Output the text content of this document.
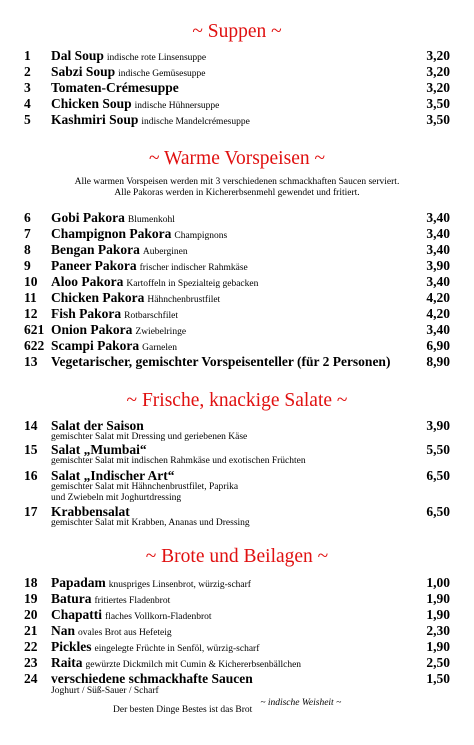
~ Suppen ~
1 Dal Soup indische rote Linsensuppe	3,20
2 Sabzi Soup indische Gemüsesuppe	3,20
3 Tomaten-Crémesuppe	3,20
4 Chicken Soup indische Hühnersuppe	3,50
5 Kashmiri Soup indische Mandelcrémesuppe	3,50
~ Warme Vorspeisen ~
Alle warmen Vorspeisen werden mit 3 verschiedenen schmackhaften Saucen serviert.
Alle Pakoras werden in Kichererbsenmehl gewendet und fritiert.
6 Gobi Pakora Blumenkohl	3,40
7 Champignon Pakora Champignons	3,40
8 Bengan Pakora Auberginen	3,40
9 Paneer Pakora frischer indischer Rahmkäse	3,90
10 Aloo Pakora Kartoffeln in Spezialteig gebacken	3,40
11 Chicken Pakora Hähnchenbrustfilet	4,20
12 Fish Pakora Rotbarschfilet	4,20
621 Onion Pakora Zwiebelringe	3,40
622 Scampi Pakora Garnelen	6,90
13 Vegetarischer, gemischter Vorspeisenteller (für 2 Personen)	8,90
~ Frische, knackige Salate ~
14 Salat der Saison	3,90
gemischter Salat mit Dressing und geriebenen Käse
15 Salat „Mumbai“	5,50
gemischter Salat mit indischen Rahmkäse und exotischen Früchten
16 Salat „Indischer Art“	6,50
gemischter Salat mit Hähnchenbrustfilet, Paprika
und Zwiebeln mit Joghurtdressing
17 Krabbensalat	6,50
gemischter Salat mit Krabben, Ananas und Dressing
~ Brote und Beilagen ~
18 Papadam knuspriges Linsenbrot, würzig-scharf	1,00
19 Batura fritiertes Fladenbrot	1,90
20 Chapatti flaches Vollkorn-Fladenbrot	1,90
21 Nan ovales Brot aus Hefeteig	2,30
22 Pickles eingelegte Früchte in Senföl, würzig-scharf	1,90
23 Raita gewürzte Dickmilch mit Cumin & Kichererbsenbällchen	2,50
24 verschiedene schmackhafte Saucen	1,50
Joghurt / Süß-Sauer / Scharf
Der besten Dinge Bestes ist das Brot~ indische Weisheit ~
